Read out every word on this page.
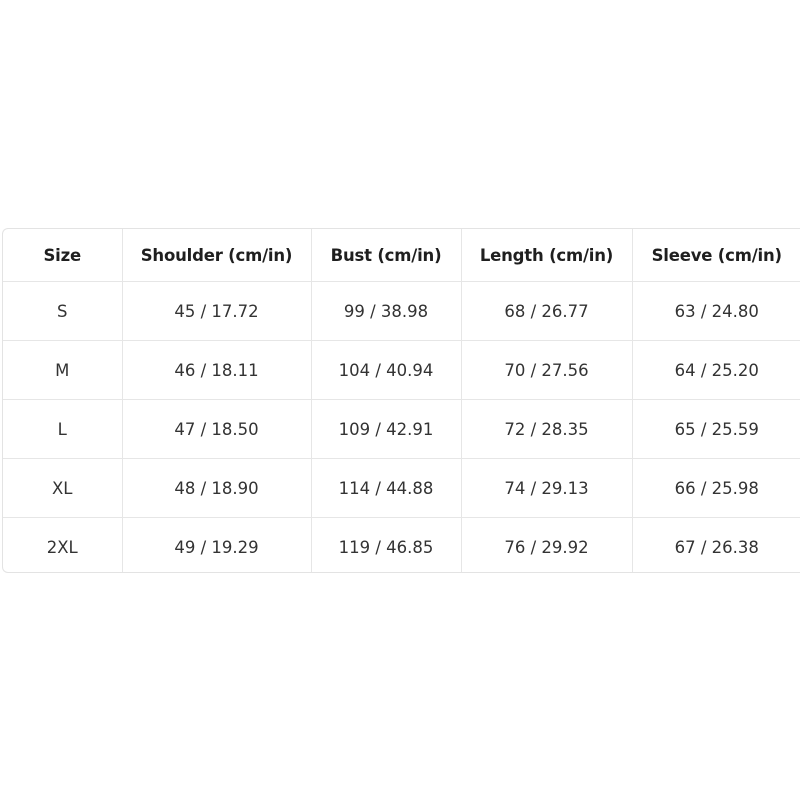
Size	Shoulder (cm/in)	Bust (cm/in)	Length (cm/in)	Sleeve (cm/in)
S	45 / 17.72	99 / 38.98	68 / 26.77	63 / 24.80
M	46 / 18.11	104 / 40.94	70 / 27.56	64 / 25.20
L	47 / 18.50	109 / 42.91	72 / 28.35	65 / 25.59
XL	48 / 18.90	114 / 44.88	74 / 29.13	66 / 25.98
2XL	49 / 19.29	119 / 46.85	76 / 29.92	67 / 26.38
